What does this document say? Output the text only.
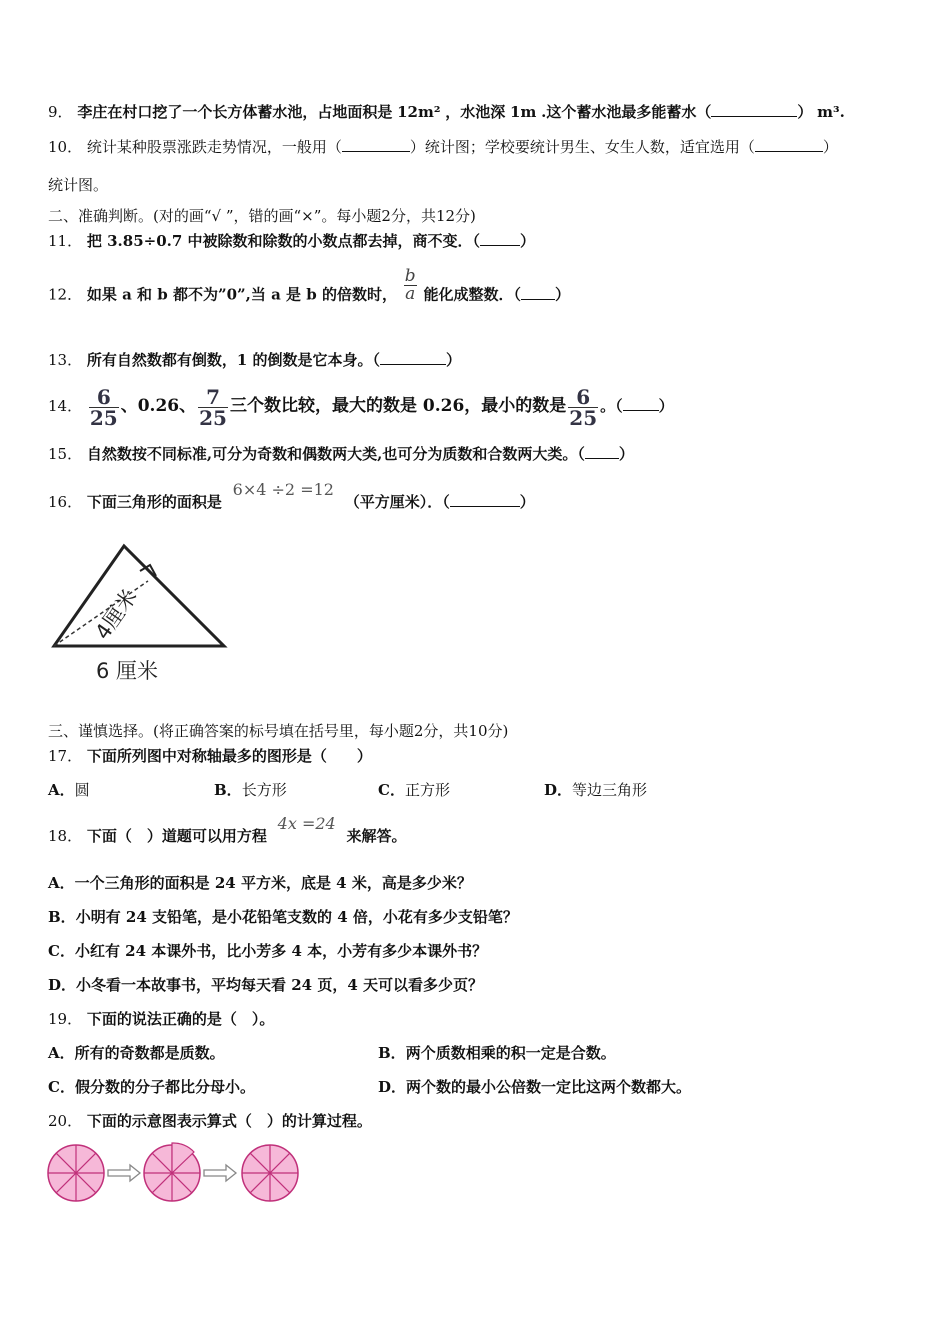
9． 李庄在村口挖了一个长方体蓄水池，占地面积是 12m² ，水池深 1m .这个蓄水池最多能蓄水（	） m³.
10． 统计某种股票涨跌走势情况，一般用（	）统计图；学校要统计男生、女生人数，适宜选用（	）
统计图。
二、准确判断。(对的画“√ ”，错的画“×”。每小题2分，共12分)
11． 把 3.85÷0.7 中被除数和除数的小数点都去掉，商不变．（	）
12． 如果 a 和 b 都不为”0”,当 a 是 b 的倍数时， $\frac{b}{a}$ 能化成整数．（ ）
13． 所有自然数都有倒数，1 的倒数是它本身。（	）
14． $\frac{6}{25}$ 、0.26、 $\frac{7}{25}$ 三个数比较，最大的数是 0.26，最小的数是 $\frac{6}{25}$ 。（ ）
15． 自然数按不同标准,可分为奇数和偶数两大类,也可分为质数和合数两大类。（ ）
16． 下面三角形的面积是 6×4 ÷2 =12 （平方厘米）．（	）
4厘米
6 厘米
三、谨慎选择。(将正确答案的标号填在括号里，每小题2分，共10分)
17． 下面所列图中对称轴最多的图形是（　　）
A．圆	B．长方形	C．正方形	D．等边三角形
18． 下面（　）道题可以用方程 4x =24 来解答。
A．一个三角形的面积是 24 平方米，底是 4 米，高是多少米？
B．小明有 24 支铅笔，是小花铅笔支数的 4 倍，小花有多少支铅笔？
C．小红有 24 本课外书，比小芳多 4 本，小芳有多少本课外书？
D．小冬看一本故事书，平均每天看 24 页，4 天可以看多少页？
19． 下面的说法正确的是（　）。
A．所有的奇数都是质数。	B．两个质数相乘的积一定是合数。
C．假分数的分子都比分母小。	D．两个数的最小公倍数一定比这两个数都大。
20． 下面的示意图表示算式（　）的计算过程。
